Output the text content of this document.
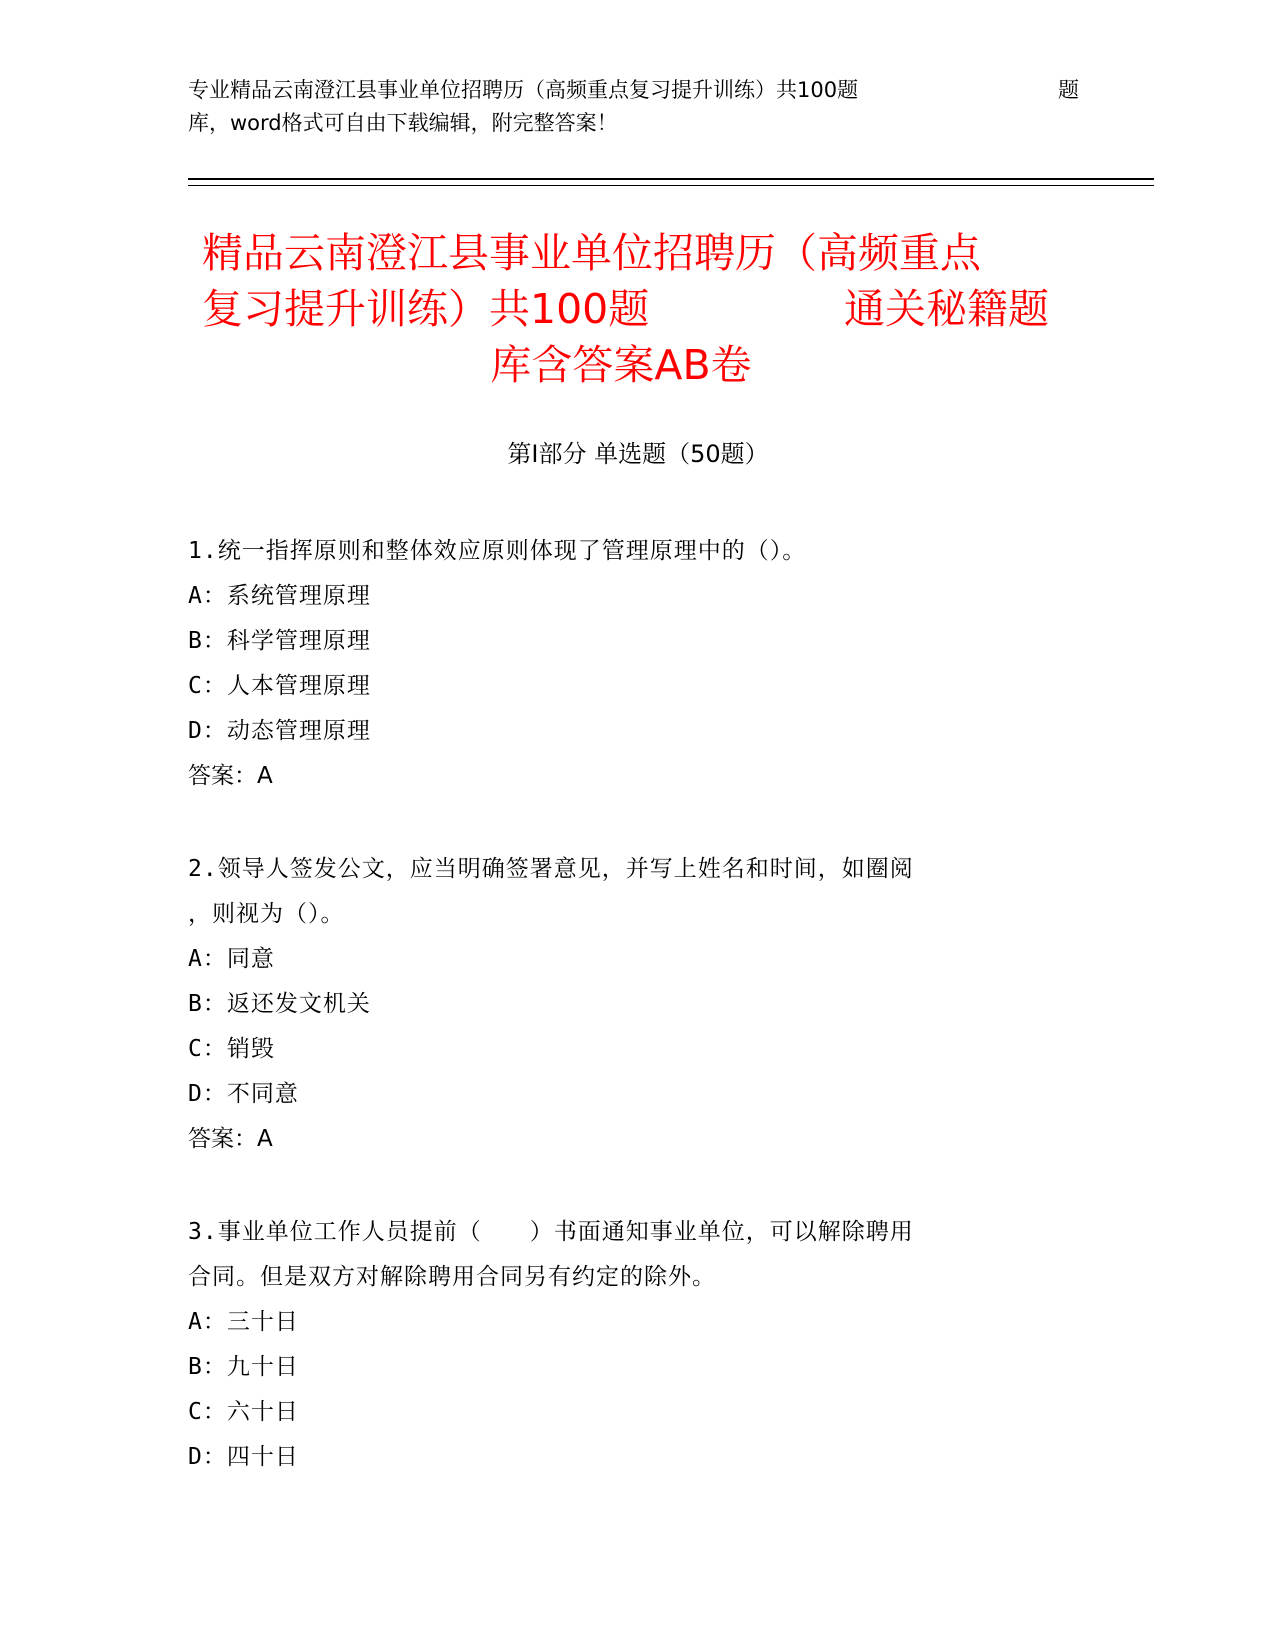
专业精品云南澄江县事业单位招聘历（高频重点复习提升训练）共100题	题
库，word格式可自由下载编辑，附完整答案！
精品云南澄江县事业单位招聘历（高频重点
复习提升训练）共100题	通关秘籍题
库含答案AB卷
第Ⅰ部分 单选题（50题）
1.统一指挥原则和整体效应原则体现了管理原理中的（）。
A：系统管理原理
B：科学管理原理
C：人本管理原理
D：动态管理原理
答案：A
2.领导人签发公文，应当明确签署意见，并写上姓名和时间，如圈阅
，则视为（）。
A：同意
B：返还发文机关
C：销毁
D：不同意
答案：A
3.事业单位工作人员提前（　　）书面通知事业单位，可以解除聘用
合同。但是双方对解除聘用合同另有约定的除外。
A：三十日
B：九十日
C：六十日
D：四十日
